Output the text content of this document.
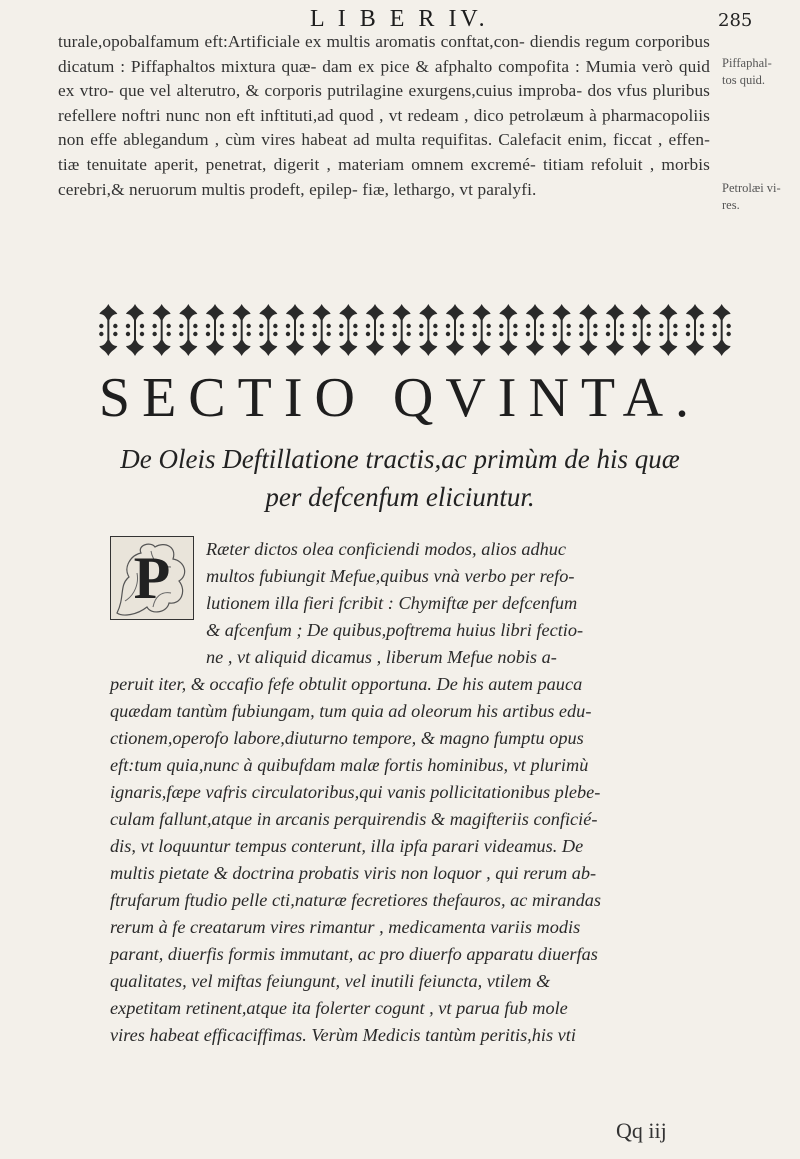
L I B E R IV.	285

turale,opobalfamum eft:Artificiale ex multis aromatis conftat,con- diendis regum corporibus dicatum : Piffaphaltos mixtura quæ- dam ex pice & afphalto compofita : Mumia verò quid ex vtro- que vel alterutro, & corporis putrilagine exurgens,cuius improba- dos vfus pluribus refellere noftri nunc non eft inftituti,ad quod , vt redeam , dico petrolæum à pharmacopoliis non effe ablegandum , cùm vires habeat ad multa requifitas. Calefacit enim, ficcat , effen- tiæ tenuitate aperit, penetrat, digerit , materiam omnem excremé- titiam refoluit , morbis cerebri,& neruorum multis prodeft, epilep- fiæ, lethargo, vt paralyfi.

Piffaphal-
tos quid.
Petrolæi vi-
res.
SECTIO QVINTA.
De Oleis Deftillatione tractis,ac primùm de his quæ
per defcenfum eliciuntur.
P	Ræter dictos olea conficiendi modos, alios adhuc
multos fubiungit Mefue,quibus vnà verbo per refo-
lutionem illa fieri fcribit : Chymiftæ per defcenfum
& afcenfum ; De quibus,poftrema huius libri fectio-
ne , vt aliquid dicamus , liberum Mefue nobis a-
peruit iter, & occafio fefe obtulit opportuna. De his autem pauca
quædam tantùm fubiungam, tum quia ad oleorum his artibus edu-
ctionem,operofo labore,diuturno tempore, & magno fumptu opus
eft:tum quia,nunc à quibufdam malæ fortis hominibus, vt plurimù
ignaris,fæpe vafris circulatoribus,qui vanis pollicitationibus plebe-
culam fallunt,atque in arcanis perquirendis & magifteriis conficié-
dis, vt loquuntur tempus conterunt, illa ipfa parari videamus. De
multis pietate & doctrina probatis viris non loquor , qui rerum ab-
ftrufarum ftudio pelle cti,naturæ fecretiores thefauros, ac mirandas
rerum à fe creatarum vires rimantur , medicamenta variis modis
parant, diuerfis formis immutant, ac pro diuerfo apparatu diuerfas
qualitates, vel miftas feiungunt, vel inutili feiuncta, vtilem &
expetitam retinent,atque ita folerter cogunt , vt parua fub mole
vires habeat efficaciffimas. Verùm Medicis tantùm peritis,his vti
Qq iij
